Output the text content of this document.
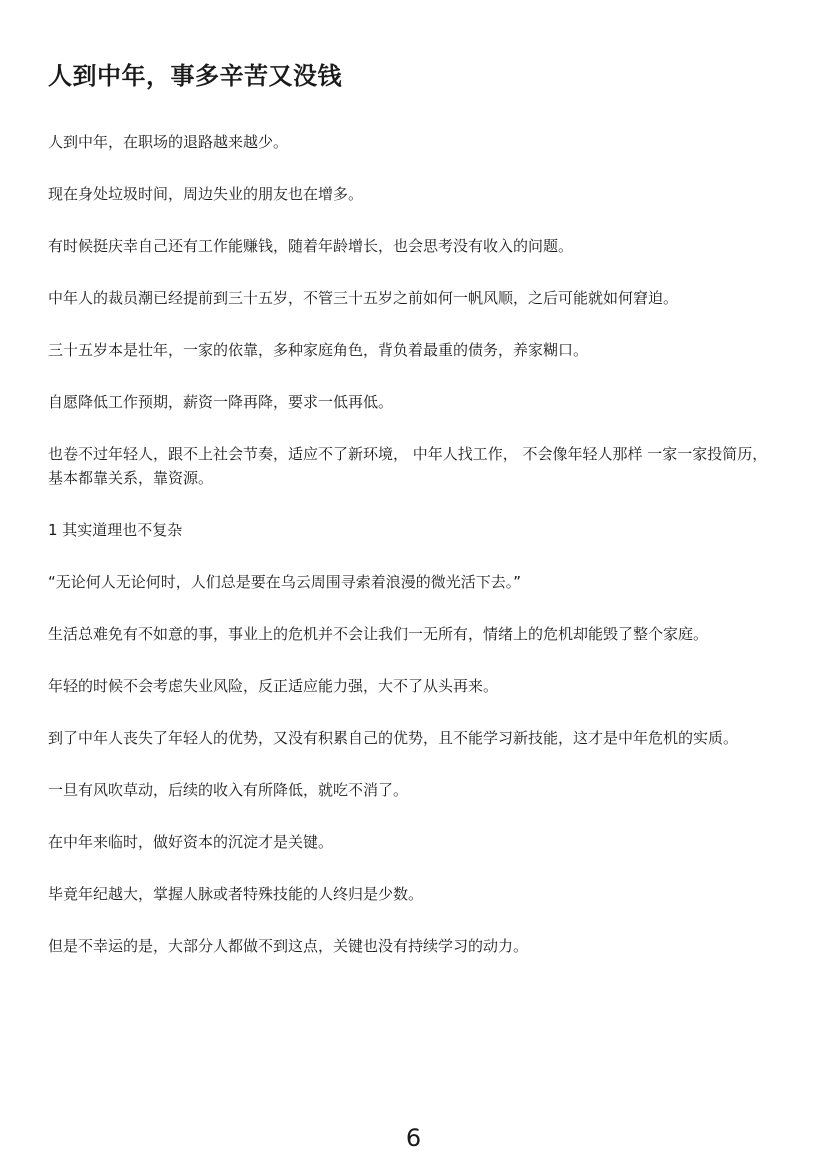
人到中年，事多辛苦又没钱

人到中年，在职场的退路越来越少。

现在身处垃圾时间，周边失业的朋友也在增多。

有时候挺庆幸自己还有工作能赚钱，随着年龄增长，也会思考没有收入的问题。

中年人的裁员潮已经提前到三十五岁，不管三十五岁之前如何一帆风顺，之后可能就如何窘迫。

三十五岁本是壮年，一家的依靠，多种家庭角色，背负着最重的债务，养家糊口。

自愿降低工作预期，薪资一降再降，要求一低再低。

也卷不过年轻人，跟不上社会节奏，适应不了新环境， 中年人找工作， 不会像年轻人那样 一家一家投简历，基本都靠关系，靠资源。

1 其实道理也不复杂

“无论何人无论何时，人们总是要在乌云周围寻索着浪漫的微光活下去。”

生活总难免有不如意的事，事业上的危机并不会让我们一无所有，情绪上的危机却能毁了整个家庭。

年轻的时候不会考虑失业风险，反正适应能力强，大不了从头再来。

到了中年人丧失了年轻人的优势，又没有积累自己的优势，且不能学习新技能，这才是中年危机的实质。

一旦有风吹草动，后续的收入有所降低，就吃不消了。

在中年来临时，做好资本的沉淀才是关键。

毕竟年纪越大，掌握人脉或者特殊技能的人终归是少数。

但是不幸运的是，大部分人都做不到这点，关键也没有持续学习的动力。

6
